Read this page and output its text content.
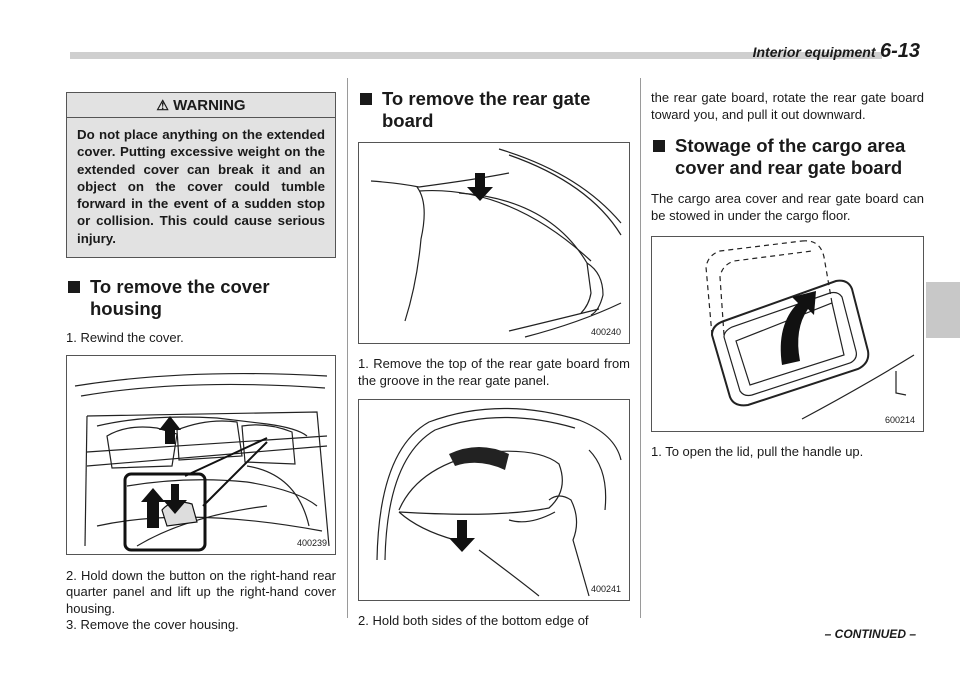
Interior equipment 6-13
⚠ WARNING
Do not place anything on the extended cover. Putting excessive weight on the extended cover can break it and an object on the cover could tumble forward in the event of a sudden stop or collision. This could cause serious injury.
To remove the cover housing

1. Rewind the cover.

400239

2. Hold down the button on the right-hand rear quarter panel and lift up the right-hand cover housing.

3. Remove the cover housing.

To remove the rear gate board
400240

1. Remove the top of the rear gate board from the groove in the rear gate panel.

400241

2. Hold both sides of the bottom edge of

the rear gate board, rotate the rear gate board toward you, and pull it out downward.

Stowage of the cargo area cover and rear gate board

The cargo area cover and rear gate board can be stowed in under the cargo floor.

600214

1. To open the lid, pull the handle up.

– CONTINUED –
